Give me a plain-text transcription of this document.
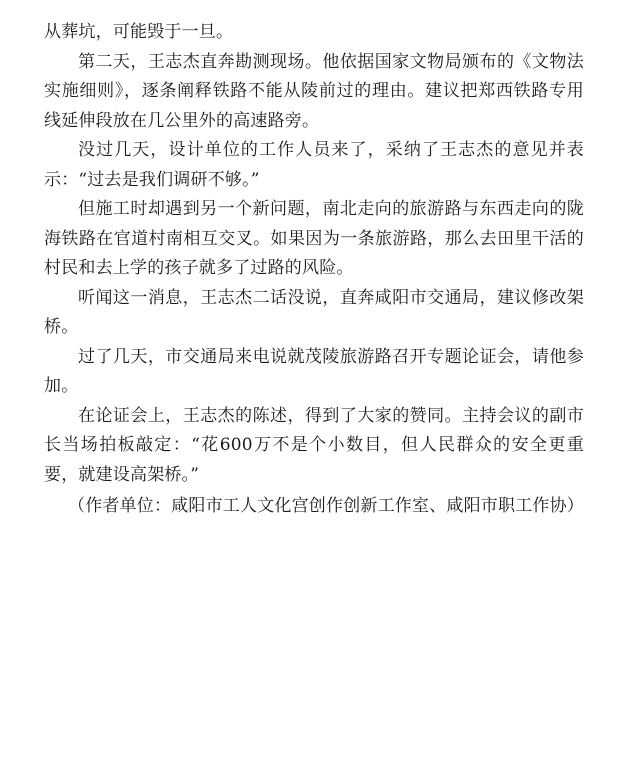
从葬坑，可能毁于一旦。

第二天，王志杰直奔勘测现场。他依据国家文物局颁布的《文物法实施细则》，逐条阐释铁路不能从陵前过的理由。建议把郑西铁路专用线延伸段放在几公里外的高速路旁。

没过几天，设计单位的工作人员来了，采纳了王志杰的意见并表示：“过去是我们调研不够。”

但施工时却遇到另一个新问题，南北走向的旅游路与东西走向的陇海铁路在官道村南相互交叉。如果因为一条旅游路，那么去田里干活的村民和去上学的孩子就多了过路的风险。

听闻这一消息，王志杰二话没说，直奔咸阳市交通局，建议修改架桥。

过了几天，市交通局来电说就茂陵旅游路召开专题论证会，请他参加。

在论证会上，王志杰的陈述，得到了大家的赞同。主持会议的副市长当场拍板敲定：“花600万不是个小数目，但人民群众的安全更重要，就建设高架桥。”

（作者单位：咸阳市工人文化宫创作创新工作室、咸阳市职工作协）
